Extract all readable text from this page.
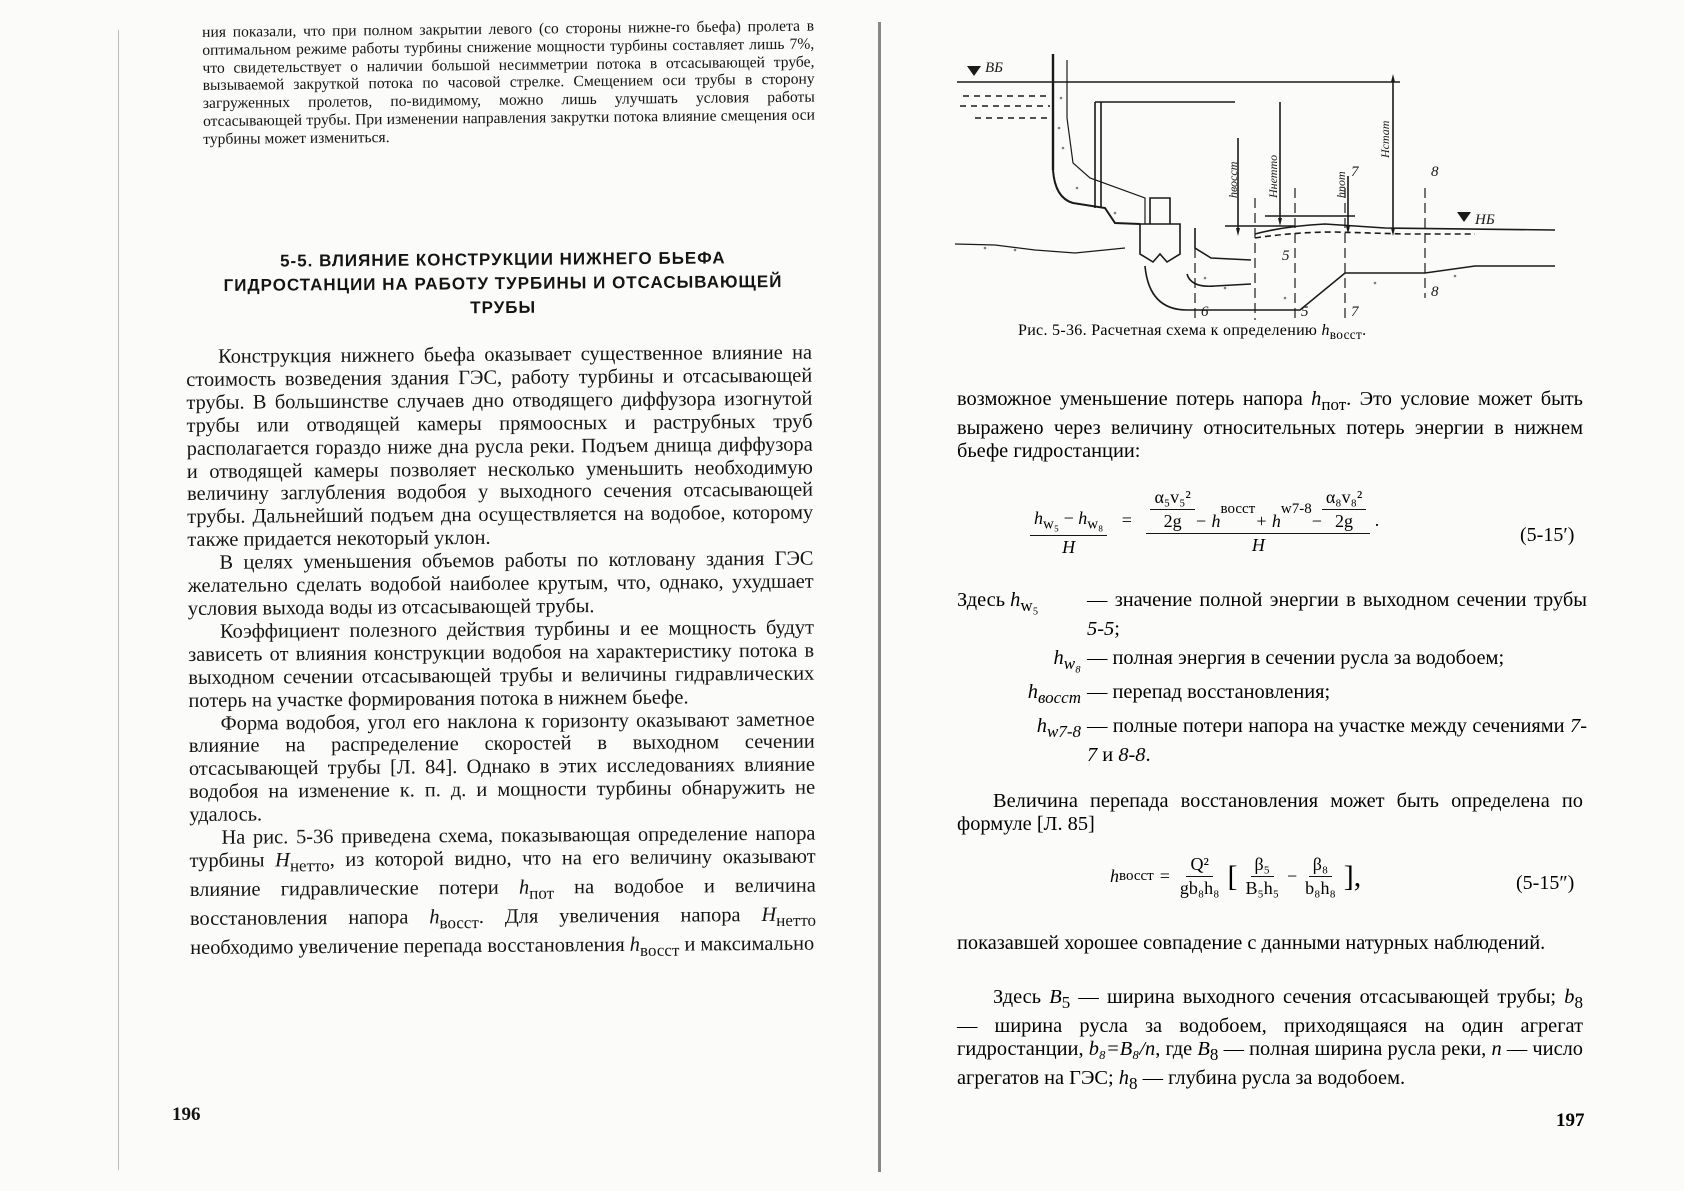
ния показали, что при полном закрытии левого (со стороны нижне-го бьефа) пролета в оптимальном режиме работы турбины снижение мощности турбины составляет лишь 7%, что свидетельствует о наличии большой несимметрии потока в отсасывающей трубе, вызываемой закруткой потока по часовой стрелке. Смещением оси трубы в сторону загруженных пролетов, по-видимому, можно лишь улучшать условия работы отсасывающей трубы. При изменении направления закрутки потока влияние смещения оси турбины может измениться.
5-5. ВЛИЯНИЕ КОНСТРУКЦИИ НИЖНЕГО БЬЕФА
ГИДРОСТАНЦИИ НА РАБОТУ ТУРБИНЫ И ОТСАСЫВАЮЩЕЙ
ТРУБЫ

Конструкция нижнего бьефа оказывает существенное влияние на стоимость возведения здания ГЭС, работу турбины и отсасывающей трубы. В большинстве случаев дно отводящего диффузора изогнутой трубы или отводящей камеры прямоосных и раструбных труб располагается гораздо ниже дна русла реки. Подъем днища диффузора и отводящей камеры позволяет несколько уменьшить необходимую величину заглубления водобоя у выходного сечения отсасывающей трубы. Дальнейший подъем дна осуществляется на водобое, которому также придается некоторый уклон.

В целях уменьшения объемов работы по котловану здания ГЭС желательно сделать водобой наиболее крутым, что, однако, ухудшает условия выхода воды из отсасывающей трубы.

Коэффициент полезного действия турбины и ее мощность будут зависеть от влияния конструкции водобоя на характеристику потока в выходном сечении отсасывающей трубы и величины гидравлических потерь на участке формирования потока в нижнем бьефе.

Форма водобоя, угол его наклона к горизонту оказывают заметное влияние на распределение скоростей в выходном сечении отсасывающей трубы [Л. 84]. Однако в этих исследованиях влияние водобоя на изменение к. п. д. и мощности турбины обнаружить не удалось.

На рис. 5-36 приведена схема, показывающая определение напора турбины $H_{нетто}$, из которой видно, что на его величину оказывают влияние гидравлические потери $h_{пот}$ на водобое и величина восстановления напора $h_{восст}$. Для увеличения напора $H_{нетто}$ необходимо увеличение перепада восстановления $h_{восст}$ и максимально

196
ВБ
НБ
hвосст Hнетто	hпот
Hстат
5
5
6
7
7
8
8
Рис. 5-36. Расчетная схема к определению $h_{восст}$.

возможное уменьшение потерь напора $h_{пот}$. Это условие может быть выражено через величину относительных потерь энергии в нижнем бьефе гидростанции:

$\frac{h_{w_5} - h_{w_8}}{H} = \frac{\text{α₅v₅²}}{2g} - h$
$^{восст}$
+ h
$^{w7-8}$
− $\frac{\text{α₈v₈²}}{2g}$
H
.
(5-15′)
Здесь $h_{w_5}$	— значение полной энергии в выходном сечении трубы 5-5;
$h_{w_8}$ — полная энергия в сечении русла за водобоем;
$h_{восст}$ — перепад восстановления;
$h_{w7-8}$ — полные потери напора на участке между сечениями 7-7 и 8-8.

Величина перепада восстановления может быть определена по формуле [Л. 85]

h восст = $\frac{\text{Q²}}{\text{gb₈h₈}}$ [ $\frac{\text{β₅}}{\text{B₅h₅}} - \frac{\text{β₈}}{\text{b₈h₈}}$ ],	(5-15″)

показавшей хорошее совпадение с данными натурных наблюдений.

Здесь $B_5$ — ширина выходного сечения отсасывающей трубы; $b_8$ — ширина русла за водобоем, приходящаяся на один агрегат гидростанции, b₈=B₈/n, где $B_8$ — полная ширина русла реки, n — число агрегатов на ГЭС; $h_8$ — глубина русла за водобоем.

197
